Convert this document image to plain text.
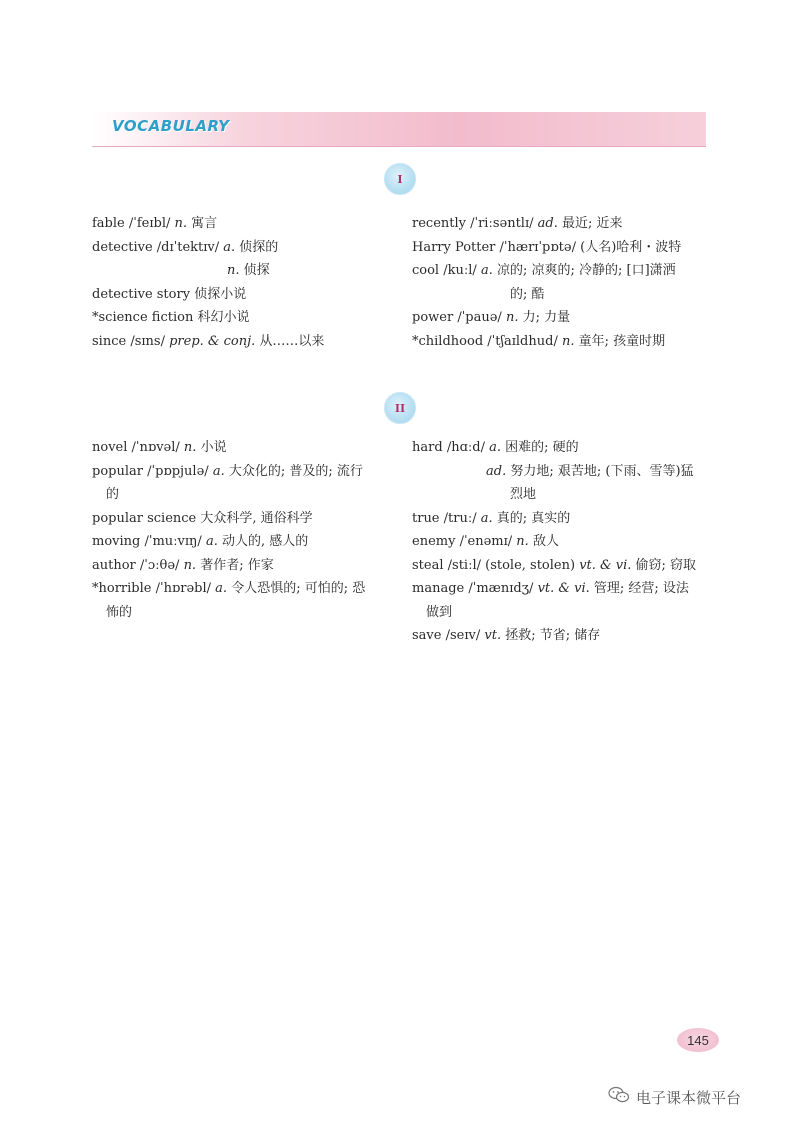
VOCABULARY
I
fable /ˈfeɪbl/ n. 寓言
detective /dɪˈtektɪv/ a. 侦探的
n. 侦探
detective story 侦探小说
*science fiction 科幻小说
since /sɪns/ prep. & conj. 从……以来
recently /ˈriːsəntlɪ/ ad. 最近; 近来
Harry Potter /ˈhærɪˈpɒtə/ (人名)哈利・波特
cool /kuːl/ a. 凉的; 凉爽的; 冷静的; [口]潇洒
的; 酷
power /ˈpauə/ n. 力; 力量
*childhood /ˈtʃaɪldhud/ n. 童年; 孩童时期
II
novel /ˈnɒvəl/ n. 小说
popular /ˈpɒpjulə/ a. 大众化的; 普及的; 流行
的
popular science 大众科学, 通俗科学
moving /ˈmuːvɪŋ/ a. 动人的, 感人的
author /ˈɔːθə/ n. 著作者; 作家
*horrible /ˈhɒrəbl/ a. 令人恐惧的; 可怕的; 恐
怖的
hard /hɑːd/ a. 困难的; 硬的
ad. 努力地; 艰苦地; (下雨、雪等)猛
烈地
true /truː/ a. 真的; 真实的
enemy /ˈenəmɪ/ n. 敌人
steal /stiːl/ (stole, stolen) vt. & vi. 偷窃; 窃取
manage /ˈmænɪdʒ/ vt. & vi. 管理; 经营; 设法
做到
save /seɪv/ vt. 拯救; 节省; 储存
145
电子课本微平台
